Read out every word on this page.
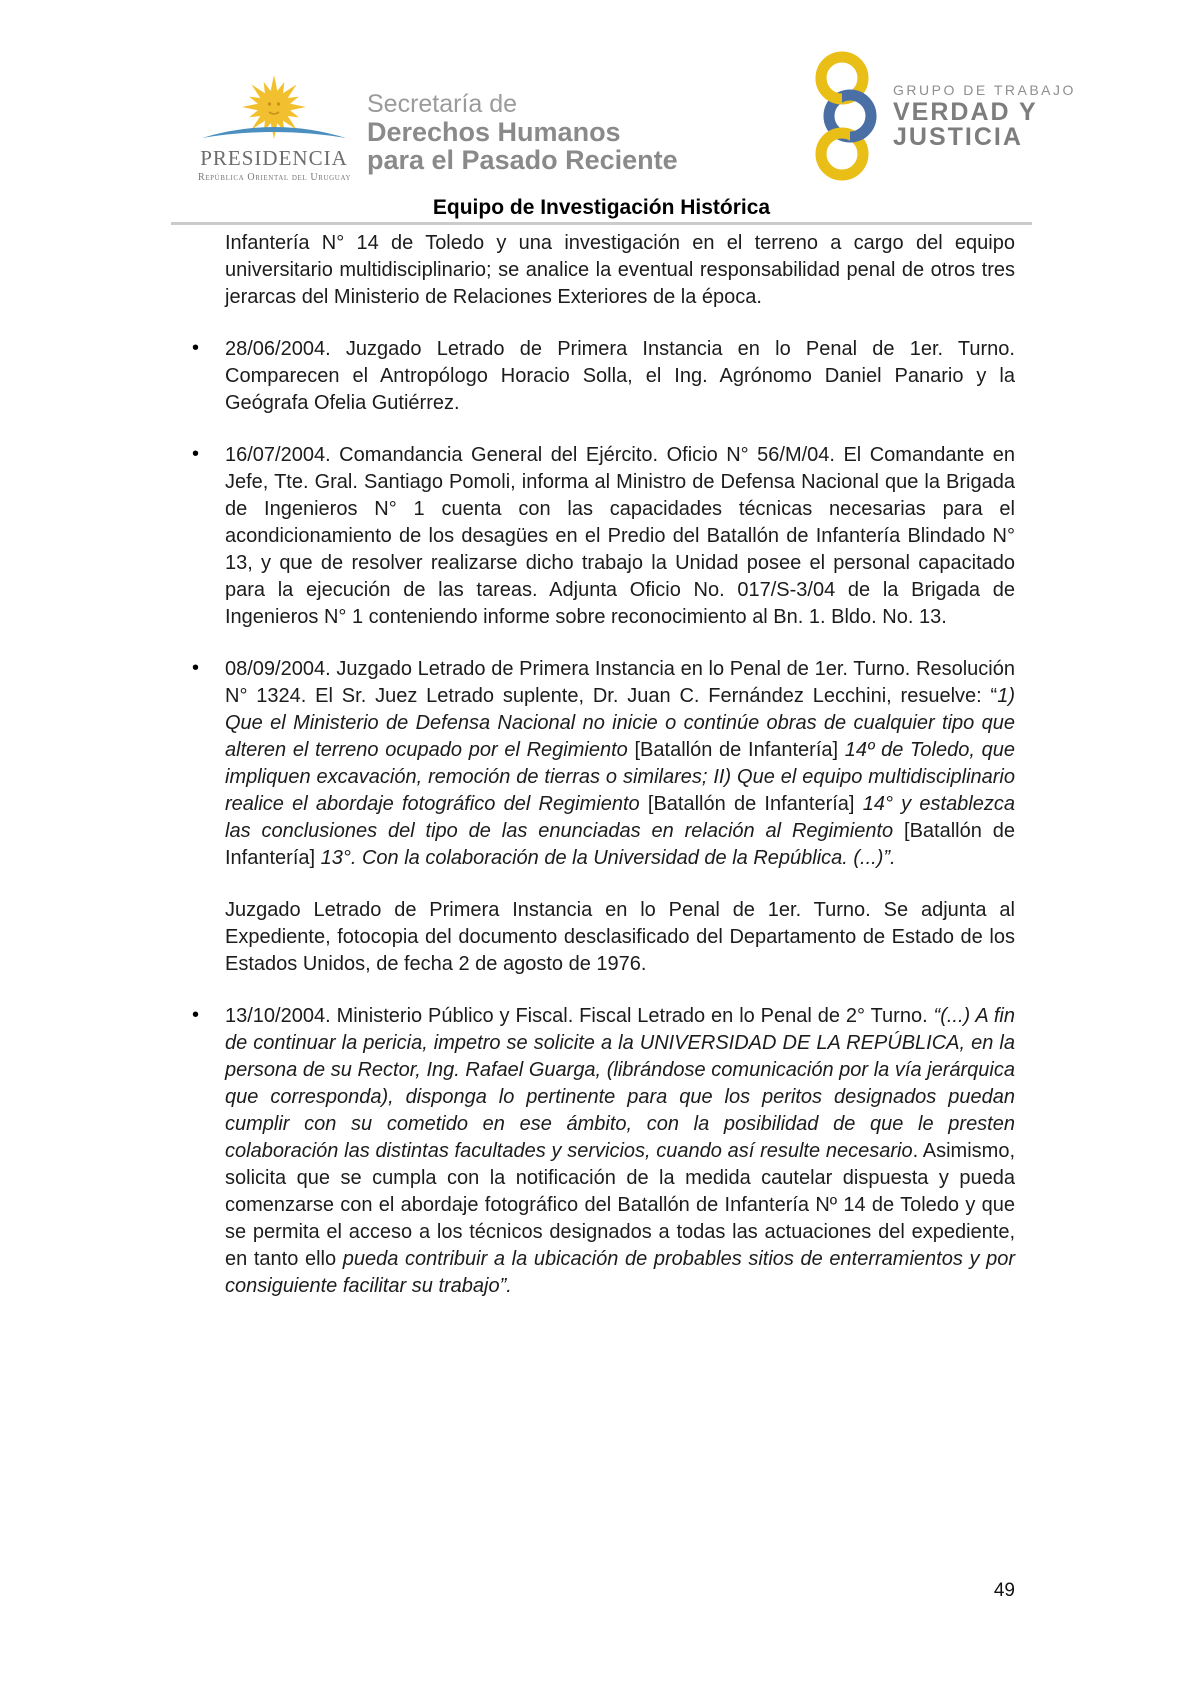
PRESIDENCIA
República Oriental del Uruguay
Secretaría de
Derechos Humanos
para el Pasado Reciente
GRUPO DE TRABAJO
VERDAD Y
JUSTICIA
Equipo de Investigación Histórica

Infantería N° 14 de Toledo y una investigación en el terreno a cargo del equipo universitario multidisciplinario; se analice la eventual responsabilidad penal de otros tres jerarcas del Ministerio de Relaciones Exteriores de la época.

• 28/06/2004. Juzgado Letrado de Primera Instancia en lo Penal de 1er. Turno. Comparecen el Antropólogo Horacio Solla, el Ing. Agrónomo Daniel Panario y la Geógrafa Ofelia Gutiérrez.

• 16/07/2004. Comandancia General del Ejército. Oficio N° 56/M/04. El Comandante en Jefe, Tte. Gral. Santiago Pomoli, informa al Ministro de Defensa Nacional que la Brigada de Ingenieros N° 1 cuenta con las capacidades técnicas necesarias para el acondicionamiento de los desagües en el Predio del Batallón de Infantería Blindado N° 13, y que de resolver realizarse dicho trabajo la Unidad posee el personal capacitado para la ejecución de las tareas. Adjunta Oficio No. 017/S-3/04 de la Brigada de Ingenieros N° 1 conteniendo informe sobre reconocimiento al Bn. 1. Bldo. No. 13.

• 08/09/2004. Juzgado Letrado de Primera Instancia en lo Penal de 1er. Turno. Resolución N° 1324. El Sr. Juez Letrado suplente, Dr. Juan C. Fernández Lecchini, resuelve: “1) Que el Ministerio de Defensa Nacional no inicie o continúe obras de cualquier tipo que alteren el terreno ocupado por el Regimiento [Batallón de Infantería] 14º de Toledo, que impliquen excavación, remoción de tierras o similares; II) Que el equipo multidisciplinario realice el abordaje fotográfico del Regimiento [Batallón de Infantería] 14° y establezca las conclusiones del tipo de las enunciadas en relación al Regimiento [Batallón de Infantería] 13°. Con la colaboración de la Universidad de la República. (...)”.

Juzgado Letrado de Primera Instancia en lo Penal de 1er. Turno. Se adjunta al Expediente, fotocopia del documento desclasificado del Departamento de Estado de los Estados Unidos, de fecha 2 de agosto de 1976.

• 13/10/2004. Ministerio Público y Fiscal. Fiscal Letrado en lo Penal de 2° Turno. “(...) A fin de continuar la pericia, impetro se solicite a la UNIVERSIDAD DE LA REPÚBLICA, en la persona de su Rector, Ing. Rafael Guarga, (librándose comunicación por la vía jerárquica que corresponda), disponga lo pertinente para que los peritos designados puedan cumplir con su cometido en ese ámbito, con la posibilidad de que le presten colaboración las distintas facultades y servicios, cuando así resulte necesario. Asimismo, solicita que se cumpla con la notificación de la medida cautelar dispuesta y pueda comenzarse con el abordaje fotográfico del Batallón de Infantería Nº 14 de Toledo y que se permita el acceso a los técnicos designados a todas las actuaciones del expediente, en tanto ello pueda contribuir a la ubicación de probables sitios de enterramientos y por consiguiente facilitar su trabajo”.

49
